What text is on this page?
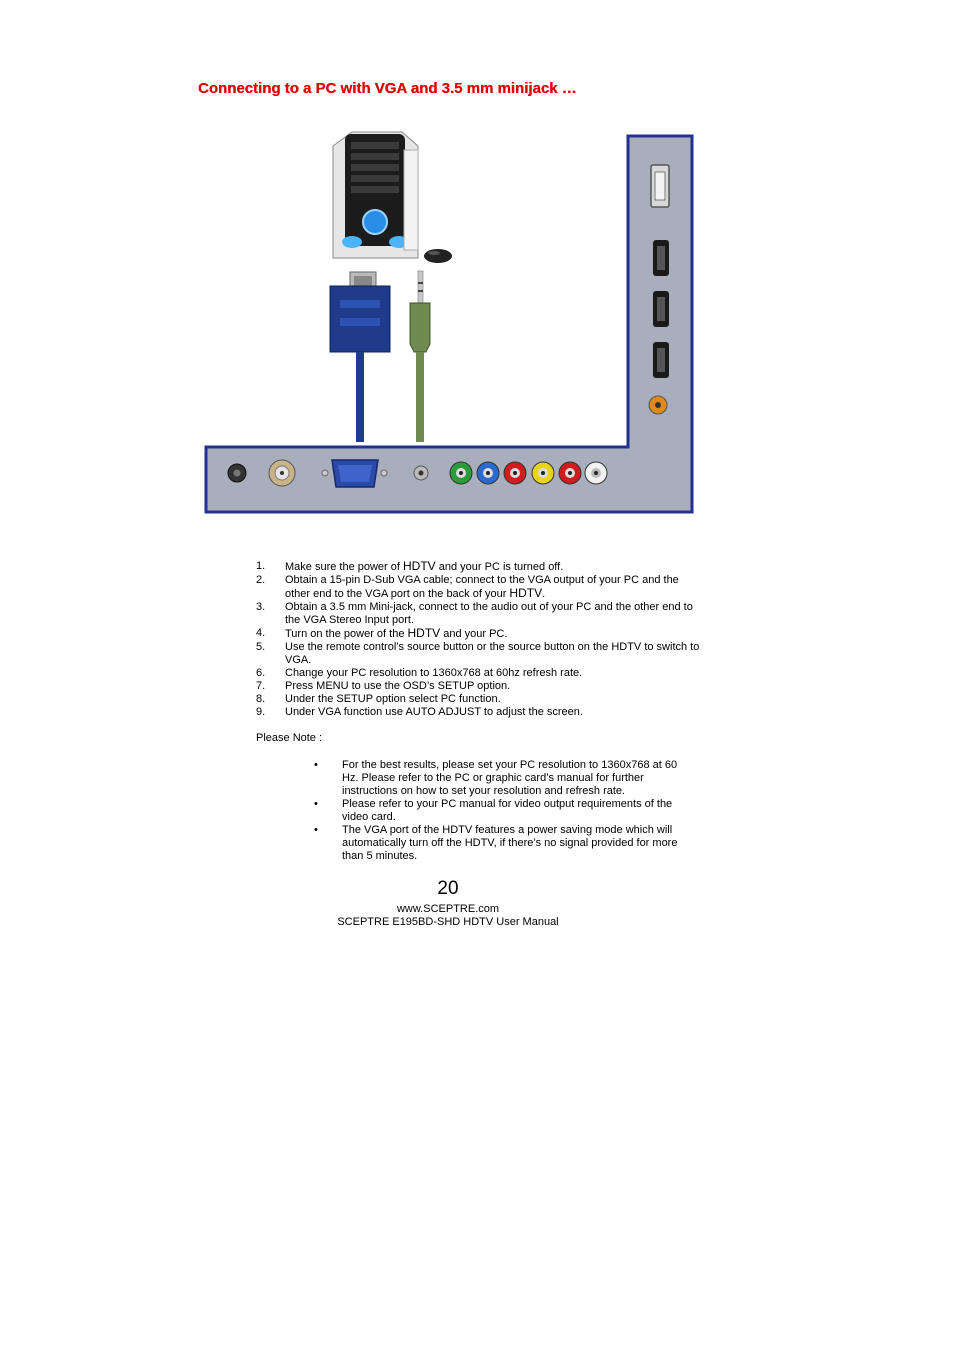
Connecting to a PC with VGA and 3.5 mm minijack …
1. Make sure the power of HDTV and your PC is turned off.
2. Obtain a 15-pin D-Sub VGA cable; connect to the VGA output of your PC and the other end to the VGA port on the back of your HDTV.
3. Obtain a 3.5 mm Mini-jack, connect to the audio out of your PC and the other end to the VGA Stereo Input port.
4. Turn on the power of the HDTV and your PC.
5. Use the remote control’s source button or the source button on the HDTV to switch to VGA.
6. Change your PC resolution to 1360x768 at 60hz refresh rate.
7. Press MENU to use the OSD’s SETUP option.
8. Under the SETUP option select PC function.
9. Under VGA function use AUTO ADJUST to adjust the screen.
Please Note :
• For the best results, please set your PC resolution to 1360x768 at 60 Hz. Please refer to the PC or graphic card’s manual for further instructions on how to set your resolution and refresh rate.
• Please refer to your PC manual for video output requirements of the video card.
• The VGA port of the HDTV features a power saving mode which will automatically turn off the HDTV, if there’s no signal provided for more than 5 minutes.
20
www.SCEPTRE.com
SCEPTRE E195BD-SHD HDTV User Manual
